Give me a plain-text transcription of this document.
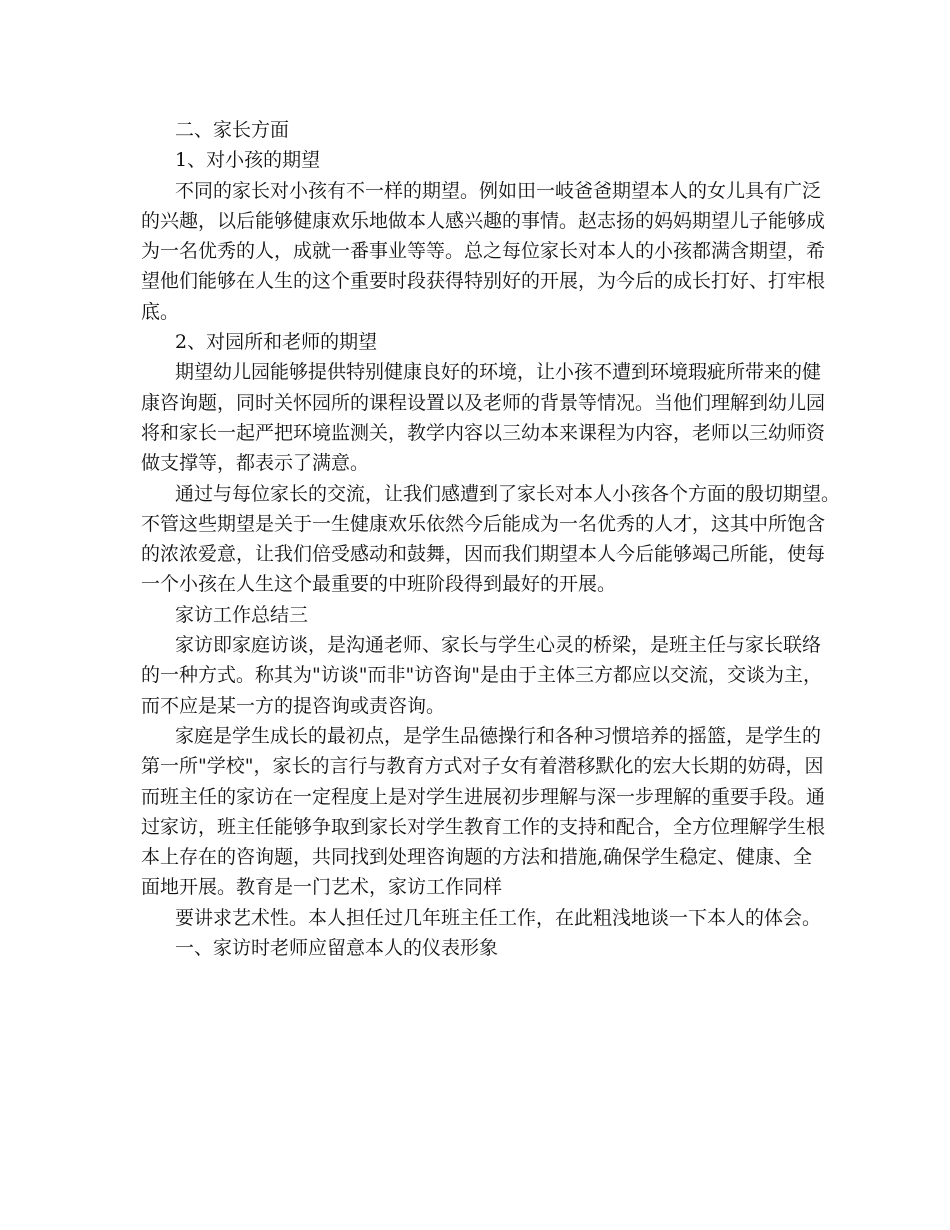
二、家长方面
1、对小孩的期望
不同的家长对小孩有不一样的期望。例如田一岐爸爸期望本人的女儿具有广泛
的兴趣，以后能够健康欢乐地做本人感兴趣的事情。赵志扬的妈妈期望儿子能够成
为一名优秀的人，成就一番事业等等。总之每位家长对本人的小孩都满含期望，希
望他们能够在人生的这个重要时段获得特别好的开展，为今后的成长打好、打牢根
底。
2、对园所和老师的期望
期望幼儿园能够提供特别健康良好的环境，让小孩不遭到环境瑕疵所带来的健
康咨询题，同时关怀园所的课程设置以及老师的背景等情况。当他们理解到幼儿园
将和家长一起严把环境监测关，教学内容以三幼本来课程为内容，老师以三幼师资
做支撑等，都表示了满意。
通过与每位家长的交流，让我们感遭到了家长对本人小孩各个方面的殷切期望。
不管这些期望是关于一生健康欢乐依然今后能成为一名优秀的人才，这其中所饱含
的浓浓爱意，让我们倍受感动和鼓舞，因而我们期望本人今后能够竭己所能，使每
一个小孩在人生这个最重要的中班阶段得到最好的开展。
家访工作总结三
家访即家庭访谈，是沟通老师、家长与学生心灵的桥梁，是班主任与家长联络
的一种方式。称其为"访谈"而非"访咨询"是由于主体三方都应以交流，交谈为主，
而不应是某一方的提咨询或责咨询。
家庭是学生成长的最初点，是学生品德操行和各种习惯培养的摇篮，是学生的
第一所"学校"，家长的言行与教育方式对子女有着潜移默化的宏大长期的妨碍，因
而班主任的家访在一定程度上是对学生进展初步理解与深一步理解的重要手段。通
过家访，班主任能够争取到家长对学生教育工作的支持和配合，全方位理解学生根
本上存在的咨询题，共同找到处理咨询题的方法和措施,确保学生稳定、健康、全
面地开展。教育是一门艺术，家访工作同样
要讲求艺术性。本人担任过几年班主任工作，在此粗浅地谈一下本人的体会。
一、家访时老师应留意本人的仪表形象
